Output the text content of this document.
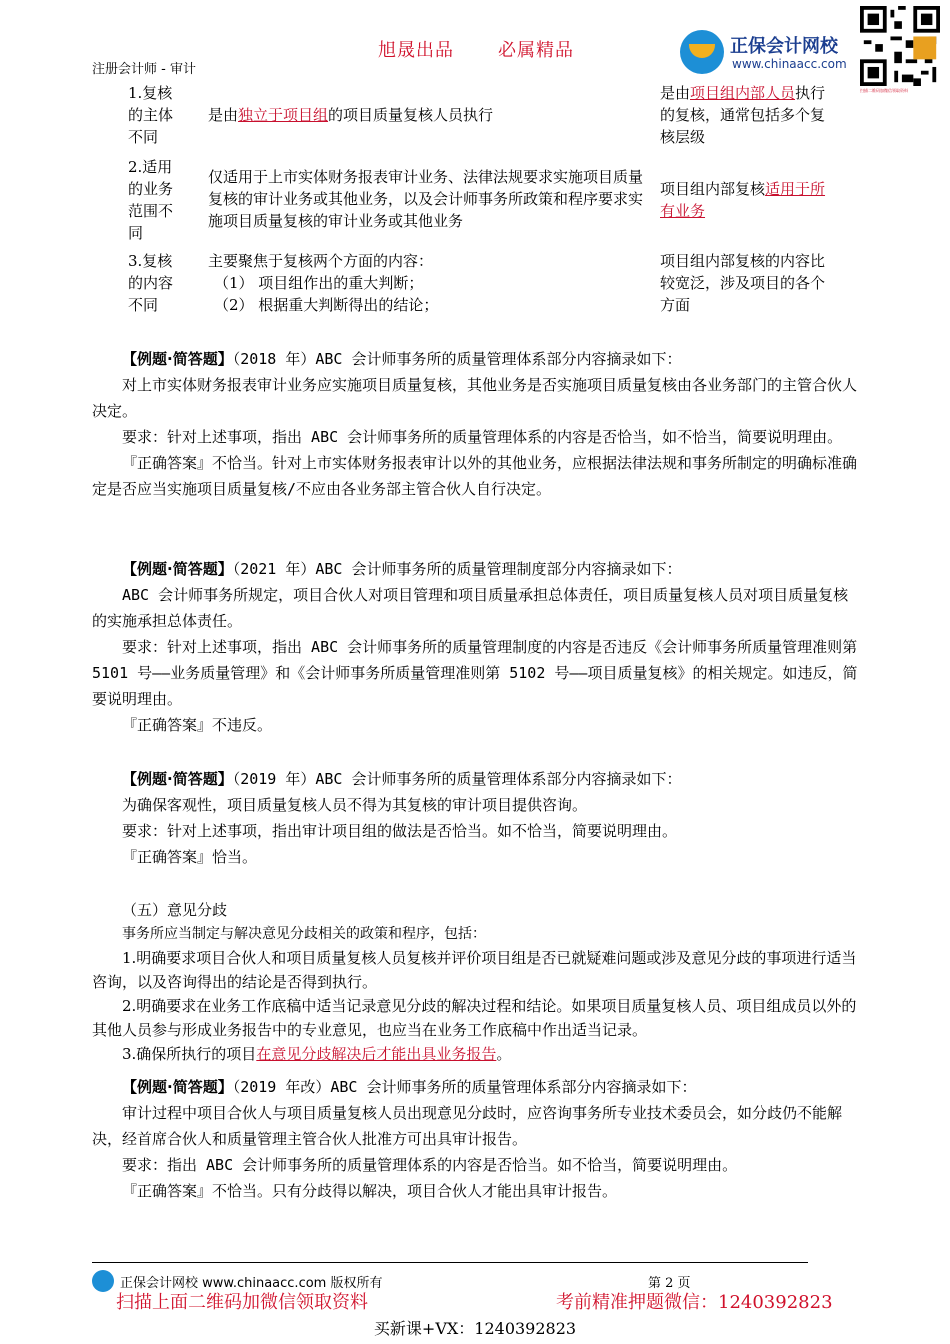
旭晟出品 必属精品
注册会计师 - 审计
正保会计网校
www.chinaacc.com
扫描二维码加微信领取资料
1.复核的主体不同
是由独立于项目组的项目质量复核人员执行
是由项目组内部人员执行的复核，通常包括多个复核层级
2.适用的业务范围不同
仅适用于上市实体财务报表审计业务、法律法规要求实施项目质量复核的审计业务或其他业务，以及会计师事务所政策和程序要求实施项目质量复核的审计业务或其他业务
项目组内部复核适用于所有业务
3.复核的内容不同
主要聚焦于复核两个方面的内容：
（1） 项目组作出的重大判断；
（2） 根据重大判断得出的结论；
项目组内部复核的内容比较宽泛，涉及项目的各个方面
【例题·简答题】（2018 年）ABC 会计师事务所的质量管理体系部分内容摘录如下：
对上市实体财务报表审计业务应实施项目质量复核，其他业务是否实施项目质量复核由各业务部门的主管合伙人决定。
要求：针对上述事项，指出 ABC 会计师事务所的质量管理体系的内容是否恰当，如不恰当，简要说明理由。
『正确答案』不恰当。针对上市实体财务报表审计以外的其他业务，应根据法律法规和事务所制定的明确标准确定是否应当实施项目质量复核/不应由各业务部主管合伙人自行决定。
【例题·简答题】（2021 年）ABC 会计师事务所的质量管理制度部分内容摘录如下：
ABC 会计师事务所规定，项目合伙人对项目管理和项目质量承担总体责任，项目质量复核人员对项目质量复核的实施承担总体责任。
要求：针对上述事项，指出 ABC 会计师事务所的质量管理制度的内容是否违反《会计师事务所质量管理准则第 5101 号——业务质量管理》和《会计师事务所质量管理准则第 5102 号——项目质量复核》的相关规定。如违反，简要说明理由。
『正确答案』不违反。
【例题·简答题】（2019 年）ABC 会计师事务所的质量管理体系部分内容摘录如下：
为确保客观性，项目质量复核人员不得为其复核的审计项目提供咨询。
要求：针对上述事项，指出审计项目组的做法是否恰当。如不恰当，简要说明理由。
『正确答案』恰当。
（五）意见分歧
事务所应当制定与解决意见分歧相关的政策和程序，包括：
1.明确要求项目合伙人和项目质量复核人员复核并评价项目组是否已就疑难问题或涉及意见分歧的事项进行适当咨询，以及咨询得出的结论是否得到执行。
2.明确要求在业务工作底稿中适当记录意见分歧的解决过程和结论。如果项目质量复核人员、项目组成员以外的其他人员参与形成业务报告中的专业意见，也应当在业务工作底稿中作出适当记录。
3.确保所执行的项目在意见分歧解决后才能出具业务报告。
【例题·简答题】（2019 年改）ABC 会计师事务所的质量管理体系部分内容摘录如下：
审计过程中项目合伙人与项目质量复核人员出现意见分歧时，应咨询事务所专业技术委员会，如分歧仍不能解决，经首席合伙人和质量管理主管合伙人批准方可出具审计报告。
要求：指出 ABC 会计师事务所的质量管理体系的内容是否恰当。如不恰当，简要说明理由。
『正确答案』不恰当。只有分歧得以解决，项目合伙人才能出具审计报告。
正保会计网校 www.chinaacc.com 版权所有	第 2 页
扫描上面二维码加微信领取资料	考前精准押题微信：1240392823
买新课+VX：1240392823
